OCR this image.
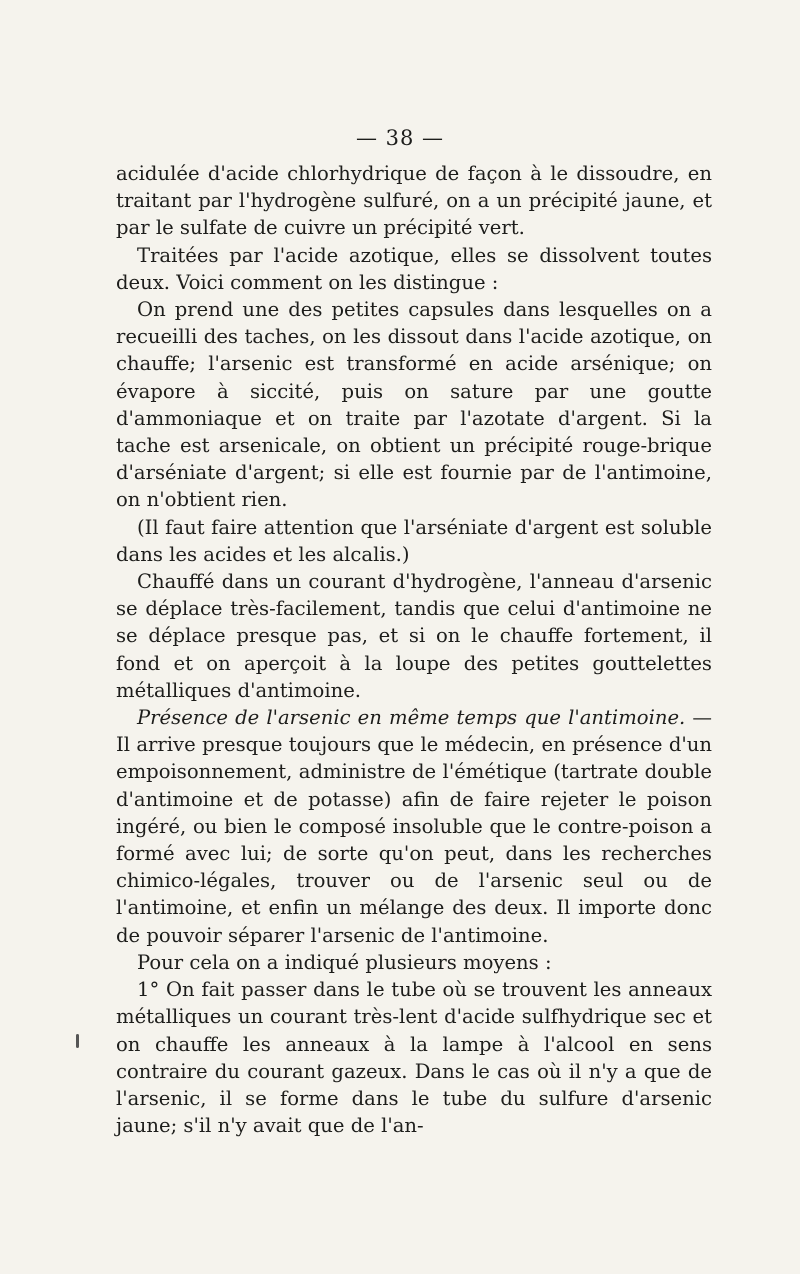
— 38 —

acidulée d'acide chlorhydrique de façon à le dissoudre, en traitant par l'hydrogène sulfuré, on a un précipité jaune, et par le sulfate de cuivre un précipité vert.

Traitées par l'acide azotique, elles se dissolvent toutes deux. Voici comment on les distingue :

On prend une des petites capsules dans lesquelles on a recueilli des taches, on les dissout dans l'acide azotique, on chauffe; l'arsenic est transformé en acide arsénique; on évapore à siccité, puis on sature par une goutte d'ammoniaque et on traite par l'azotate d'argent. Si la tache est arsenicale, on obtient un précipité rouge-brique d'arséniate d'argent; si elle est fournie par de l'antimoine, on n'obtient rien.

(Il faut faire attention que l'arséniate d'argent est soluble dans les acides et les alcalis.)

Chauffé dans un courant d'hydrogène, l'anneau d'arsenic se déplace très-facilement, tandis que celui d'antimoine ne se déplace presque pas, et si on le chauffe fortement, il fond et on aperçoit à la loupe des petites gouttelettes métalliques d'antimoine.

Présence de l'arsenic en même temps que l'antimoine. — Il arrive presque toujours que le médecin, en présence d'un empoisonnement, administre de l'émétique (tartrate double d'antimoine et de potasse) afin de faire rejeter le poison ingéré, ou bien le composé insoluble que le contre-poison a formé avec lui; de sorte qu'on peut, dans les recherches chimico-légales, trouver ou de l'arsenic seul ou de l'antimoine, et enfin un mélange des deux. Il importe donc de pouvoir séparer l'arsenic de l'antimoine.

Pour cela on a indiqué plusieurs moyens :

1° On fait passer dans le tube où se trouvent les anneaux métalliques un courant très-lent d'acide sulfhydrique sec et on chauffe les anneaux à la lampe à l'alcool en sens contraire du courant gazeux. Dans le cas où il n'y a que de l'arsenic, il se forme dans le tube du sulfure d'arsenic jaune; s'il n'y avait que de l'an-
